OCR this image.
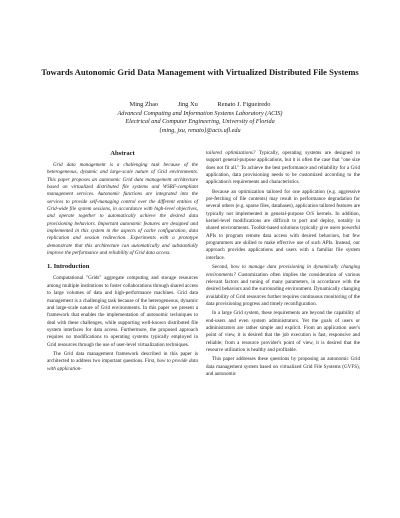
Towards Autonomic Grid Data Management with Virtualized Distributed File Systems
Ming Zhao	Jing Xu	Renato J. Figueiredo
Advanced Computing and Information Systems Laboratory (ACIS)
Electrical and Computer Engineering, University of Florida
{ming, jxu, renato}@acis.ufl.edu
Abstract

Grid data management is a challenging task because of the heterogeneous, dynamic and large-scale nature of Grid environments. This paper proposes an autonomic Grid data management architecture based on virtualized distributed file systems and WSRF-compliant management services. Autonomic functions are integrated into the services to provide self-managing control over the different entities of Grid-wide file system sessions, in accordance with high-level objectives, and operate together to automatically achieve the desired data provisioning behaviors. Important autonomic features are designed and implemented in this system in the aspects of cache configuration, data replication and session redirection. Experiments with a prototype demonstrate that this architecture can automatically and substantially improve the performance and reliability of Grid data access.

1. Introduction

Computational "Grids" aggregate computing and storage resources among multiple institutions to foster collaborations through shared access to large volumes of data and high-performance machines. Grid data management is a challenging task because of the heterogeneous, dynamic and large-scale nature of Grid environments. In this paper we present a framework that enables the implementation of autonomic techniques to deal with these challenges, while supporting well-known distributed file system interfaces for data access. Furthermore, the proposed approach requires no modifications to operating systems typically employed in Grid resources through the use of user-level virtualization techniques.

The Grid data management framework described in this paper is architected to address two important questions. First, how to provide data with application-

tailored optimizations? Typically, operating systems are designed to support general-purpose applications, but it is often the case that "one size does not fit all." To achieve the best performance and reliability for a Grid application, data provisioning needs to be customized according to the application's requirements and characteristics.

Because an optimization tailored for one application (e.g. aggressive pre-fetching of file contents) may result in performance degradation for several others (e.g. sparse files, databases), application tailored features are typically not implemented in general-purpose O/S kernels. In addition, kernel-level modifications are difficult to port and deploy, notably in shared environments. Toolkit-based solutions typically give users powerful APIs to program remote data access with desired behaviors, but few programmers are skilled to make effective use of such APIs. Instead, our approach provides applications and users with a familiar file system interface.

Second, how to manage data provisioning in dynamically changing environments? Customization often implies the consideration of various relevant factors and tuning of many parameters, in accordance with the desired behaviors and the surrounding environment. Dynamically changing availability of Grid resources further requires continuous monitoring of the data provisioning progress and timely reconfiguration.

In a large Grid system, these requirements are beyond the capability of end-users and even system administrators. Yet the goals of users or administrators are rather simple and explicit. From an application user's point of view, it is desired that the job execution is fast, responsive and reliable; from a resource provider's point of view, it is desired that the resource utilization is healthy and profitable.

This paper addresses these questions by proposing an autonomic Grid data management system based on virtualized Grid File Systems (GVFS), and autonomic
